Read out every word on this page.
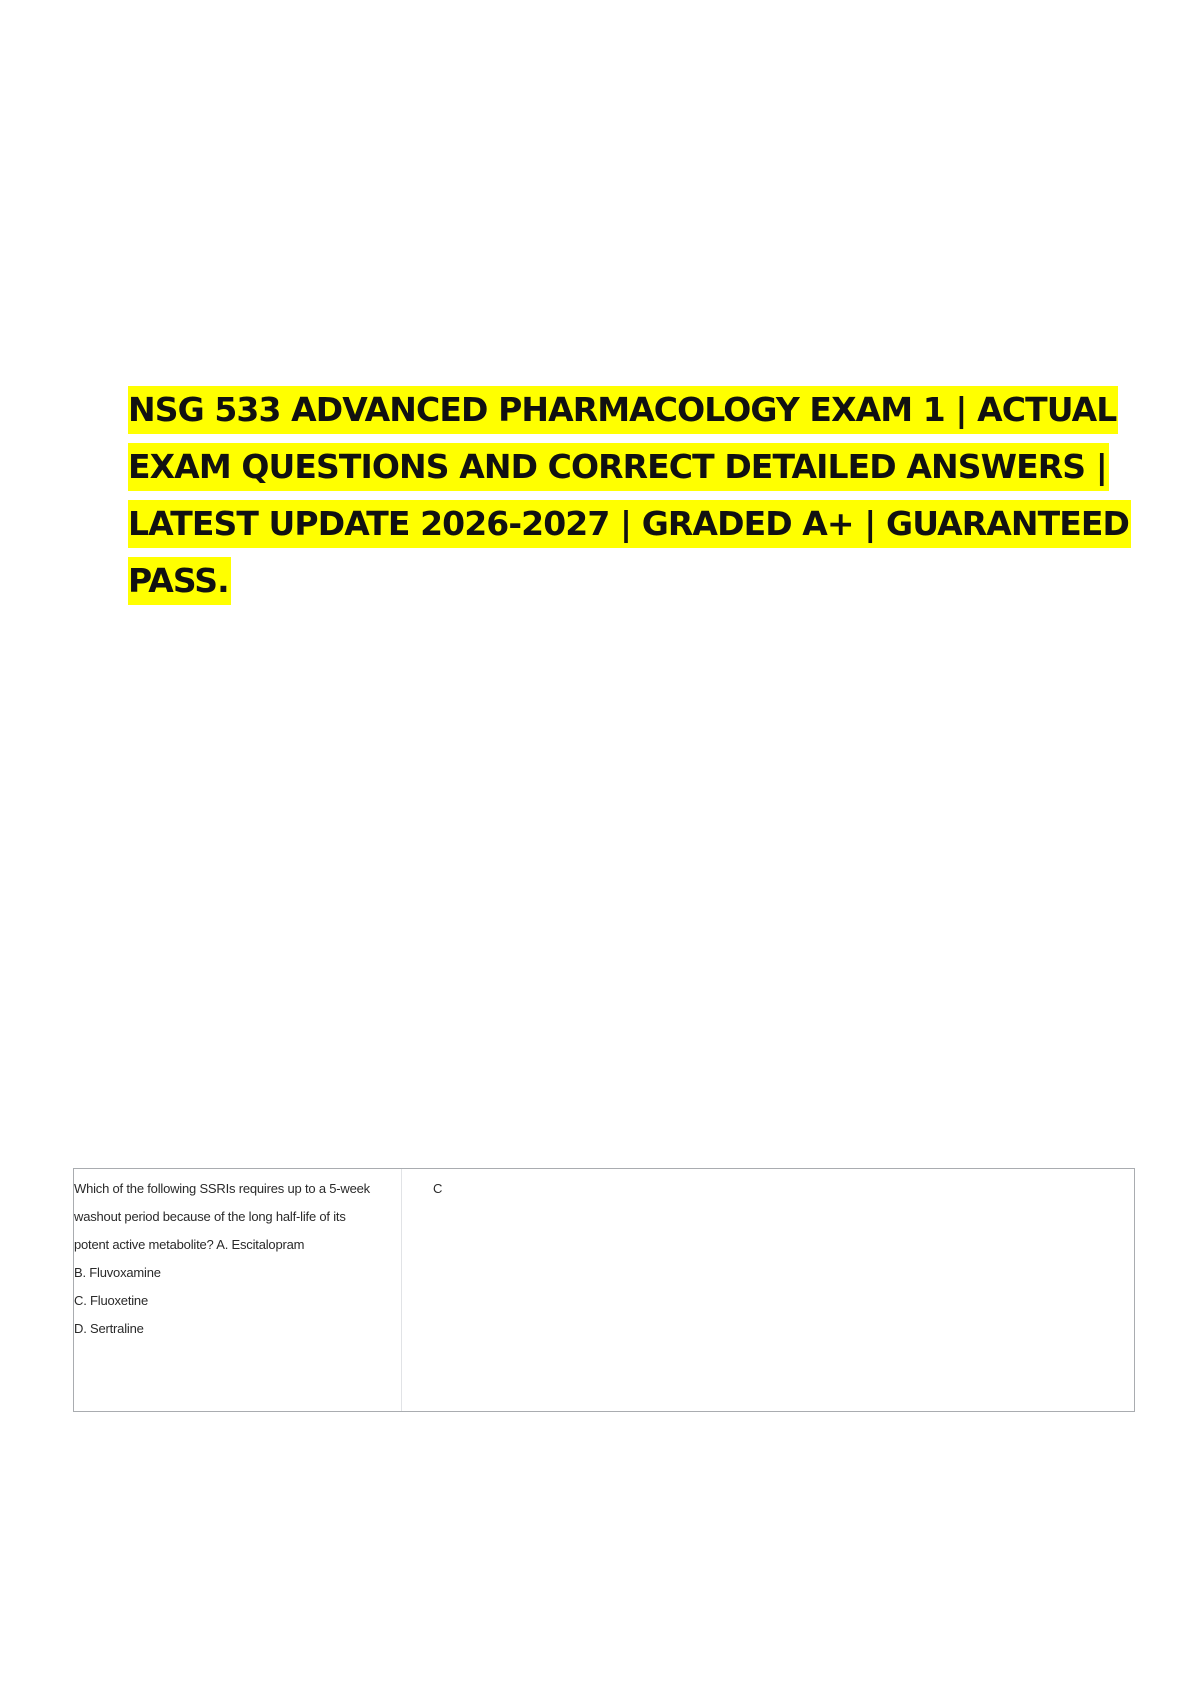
NSG 533 ADVANCED PHARMACOLOGY EXAM 1 | ACTUAL
EXAM QUESTIONS AND CORRECT DETAILED ANSWERS |
LATEST UPDATE 2026-2027 | GRADED A+ | GUARANTEED
PASS.
Which of the following SSRIs requires up to a 5-week washout period because of the long half-life of its potent active metabolite? A. Escitalopram
B. Fluvoxamine
C. Fluoxetine
D. Sertraline
C
